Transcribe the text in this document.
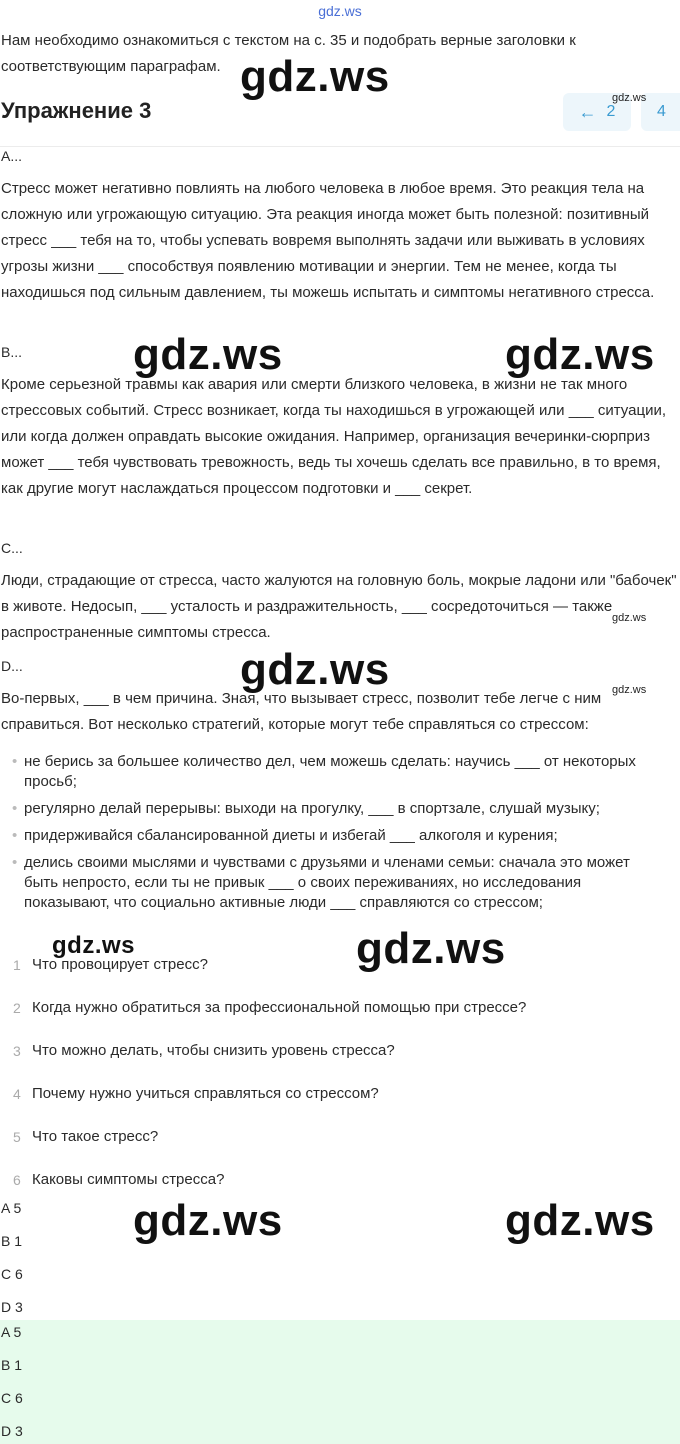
gdz.ws

Нам необходимо ознакомиться с текстом на с. 35 и подобрать верные заголовки к соответствующим параграфам.

Упражнение 3	← 2	4

A...

Стресс может негативно повлиять на любого человека в любое время. Это реакция тела на сложную или угрожающую ситуацию. Эта реакция иногда может быть полезной: позитивный стресс ___ тебя на то, чтобы успевать вовремя выполнять задачи или выживать в условиях угрозы жизни ___ способствуя появлению мотивации и энергии. Тем не менее, когда ты находишься под сильным давлением, ты можешь испытать и симптомы негативного стресса.

B...

Кроме серьезной травмы как авария или смерти близкого человека, в жизни не так много стрессовых событий. Стресс возникает, когда ты находишься в угрожающей или ___ ситуации, или когда должен оправдать высокие ожидания. Например, организация вечеринки-сюрприз может ___ тебя чувствовать тревожность, ведь ты хочешь сделать все правильно, в то время, как другие могут наслаждаться процессом подготовки и ___ секрет.

C...

Люди, страдающие от стресса, часто жалуются на головную боль, мокрые ладони или "бабочек" в животе. Недосып, ___ усталость и раздражительность, ___ сосредоточиться — также распространенные симптомы стресса.

D...

Во-первых, ___ в чем причина. Зная, что вызывает стресс, позволит тебе легче с ним справиться. Вот несколько стратегий, которые могут тебе справляться со стрессом:

• не берись за большее количество дел, чем можешь сделать: научись ___ от некоторых просьб;
• регулярно делай перерывы: выходи на прогулку, ___ в спортзале, слушай музыку;
• придерживайся сбалансированной диеты и избегай ___ алкоголя и курения;
• делись своими мыслями и чувствами с друзьями и членами семьи: сначала это может быть непросто, если ты не привык ___ о своих переживаниях, но исследования показывают, что социально активные люди ___ справляются со стрессом;
1 Что провоцирует стресс?
2 Когда нужно обратиться за профессиональной помощью при стрессе?
3 Что можно делать, чтобы снизить уровень стресса?
4 Почему нужно учиться справляться со стрессом?
5 Что такое стресс?
6 Каковы симптомы стресса?
A 5
B 1
C 6
D 3
A 5
B 1
C 6
D 3
gdz.ws	gdz.ws
gdz.ws	gdz.ws
gdz.ws
gdz.ws	gdz.ws
gdz.ws
gdz.ws
gdz.ws	gdz.ws
